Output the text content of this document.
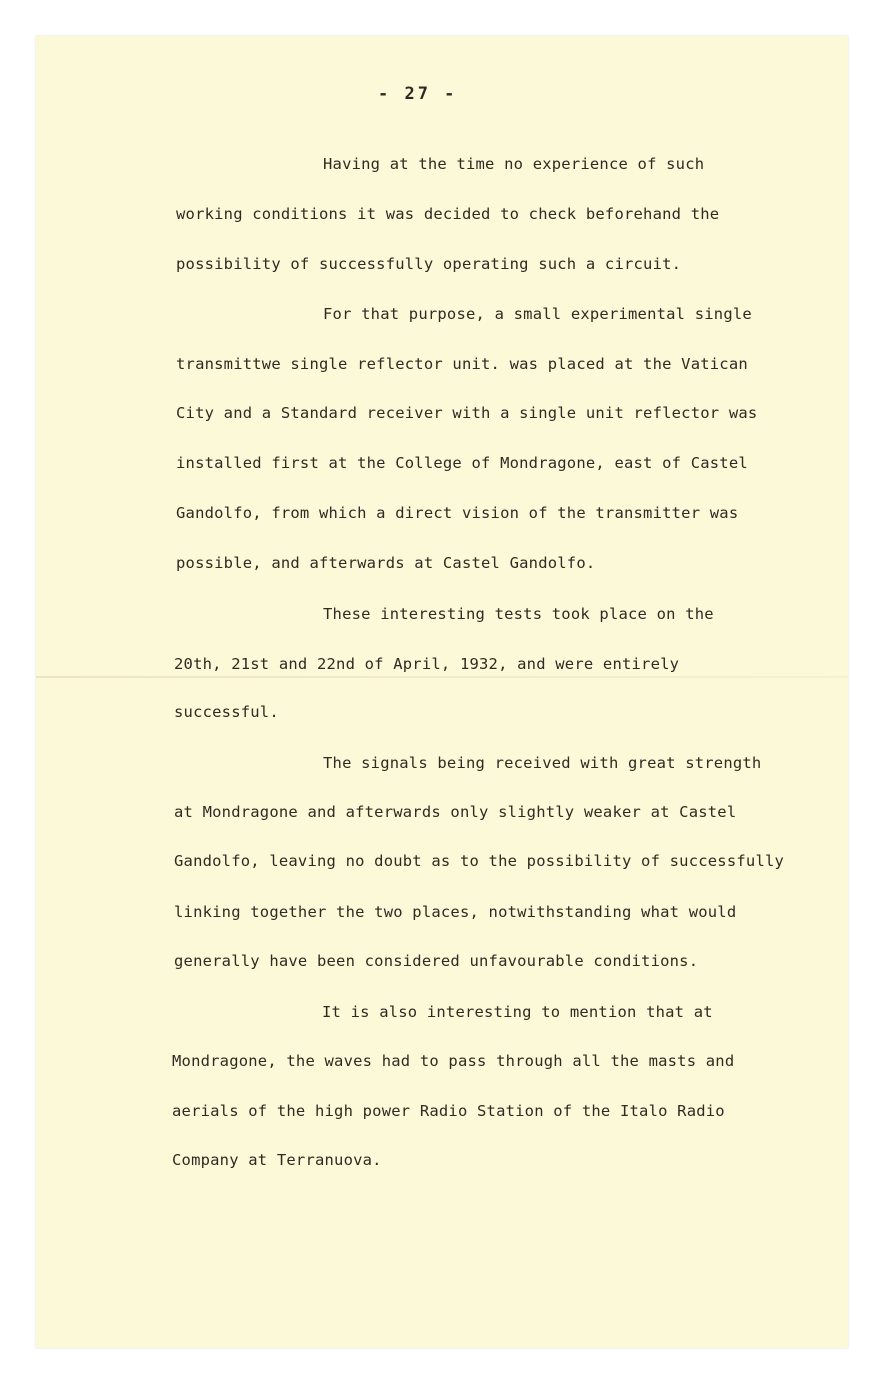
- 27 -
Having at the time no experience of such
working conditions it was decided to check beforehand the
possibility of successfully operating such a circuit.
For that purpose, a small experimental single
transmittwe single reflector unit. was placed at the Vatican
City and a Standard receiver with a single unit reflector was
installed first at the College of Mondragone, east of Castel
Gandolfo, from which a direct vision of the transmitter was
possible, and afterwards at Castel Gandolfo.
These interesting tests took place on the
20th, 21st and 22nd of April, 1932, and were entirely
successful.
The signals being received with great strength
at Mondragone and afterwards only slightly weaker at Castel
Gandolfo, leaving no doubt as to the possibility of successfully
linking together the two places, notwithstanding what would
generally have been considered unfavourable conditions.
It is also interesting to mention that at
Mondragone, the waves had to pass through all the masts and
aerials of the high power Radio Station of the Italo Radio
Company at Terranuova.
